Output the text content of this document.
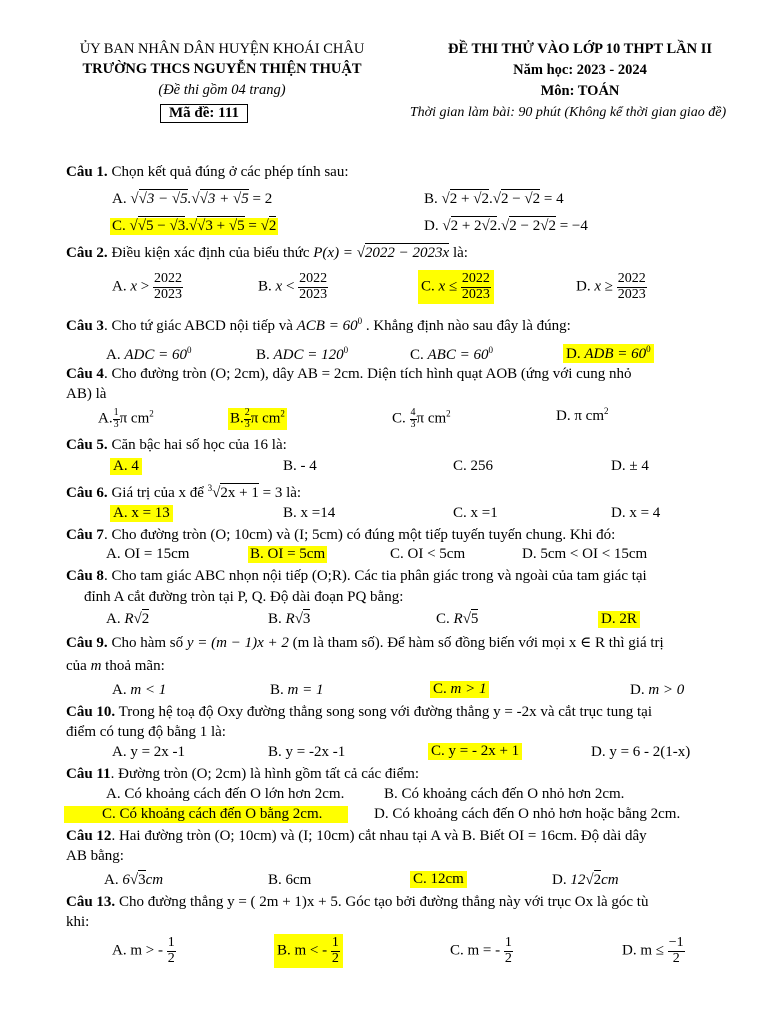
ỦY BAN NHÂN DÂN HUYỆN KHOÁI CHÂU
TRƯỜNG THCS NGUYỄN THIỆN THUẬT
(Đề thi gồm 04 trang)
Mã đề: 111
ĐỀ THI THỬ VÀO LỚP 10 THPT LẦN II
Năm học: 2023 - 2024
Môn: TOÁN
Thời gian làm bài: 90 phút (Không kể thời gian giao đề)
Câu 1. Chọn kết quả đúng ở các phép tính sau:
A. √√3 − √5.√√3 + √5 = 2	B. √2 + √2.√2 − √2 = 4
C. √√5 − √3.√√3 + √5 = √2	D. √2 + 2√2.√2 − 2√2 = −4
Câu 2. Điều kiện xác định của biểu thức P(x) = √2022 − 2023x là:
A. $x > \frac{2022}{2023}$	B. $x < \frac{2022}{2023}$	C. $x \le \frac{2022}{2023}$	D. $x \ge \frac{2022}{2023}$
Câu 3. Cho tứ giác ABCD nội tiếp và ACB = $60^0$ . Khẳng định nào sau đây là đúng:
A. ADC = $60^0$	B. ADC = $120^0$	C. ABC = $60^0$	D. ADB = $60^0$
Câu 4. Cho đường tròn (O; 2cm), dây AB = 2cm. Diện tích hình quạt AOB (ứng với cung nhỏ
AB) là
A. $\frac{1}{3}$ π $cm^2$	B. $\frac{2}{3}$ π $cm^2$	C. $\frac{4}{3}$ π $cm^2$	D. π $cm^2$
Câu 5. Căn bậc hai số học của 16 là:
A. 4	B. - 4	C. 256	D. ± 4
Câu 6. Giá trị của x để $^3$√2x + 1 = 3 là:
A. x = 13	B. x =14	C. x =1	D. x = 4
Câu 7. Cho đường tròn (O; 10cm) và (I; 5cm) có đúng một tiếp tuyến tuyến chung. Khi đó:
A. OI = 15cm	B. OI = 5cm	C. OI < 5cm	D. 5cm < OI < 15cm
Câu 8. Cho tam giác ABC nhọn nội tiếp (O;R). Các tia phân giác trong và ngoài của tam giác tại
đỉnh A cắt đường tròn tại P, Q. Độ dài đoạn PQ bằng:
A. R√2	B. R√3	C. R√5	D. 2R
Câu 9. Cho hàm số y = (m − 1)x + 2 (m là tham số). Để hàm số đồng biến với mọi x ∈ R thì giá trị
của m thoả mãn:
A. m < 1	B. m = 1	C. m > 1	D. m > 0
Câu 10. Trong hệ toạ độ Oxy đường thẳng song song với đường thẳng y = -2x và cắt trục tung tại
điểm có tung độ bằng 1 là:
A. y = 2x -1	B. y = -2x -1	C. y = - 2x + 1	D. y = 6 - 2(1-x)
Câu 11. Đường tròn (O; 2cm) là hình gồm tất cả các điểm:
A. Có khoảng cách đến O lớn hơn 2cm.	B. Có khoảng cách đến O nhỏ hơn 2cm.
C. Có khoảng cách đến O bằng 2cm.	D. Có khoảng cách đến O nhỏ hơn hoặc bằng 2cm.
Câu 12. Hai đường tròn (O; 10cm) và (I; 10cm) cắt nhau tại A và B. Biết OI = 16cm. Độ dài dây
AB bằng:
A. 6√3cm	B. 6cm	C. 12cm	D. 12√2cm
Câu 13. Cho đường thẳng y = ( 2m + 1)x + 5. Góc tạo bởi đường thẳng này với trục Ox là góc tù
khi:
A. m > - $\frac{1}{2}$	B. m < - $\frac{1}{2}$	C. m = - $\frac{1}{2}$	D. $m \le \frac{-1}{2}$
